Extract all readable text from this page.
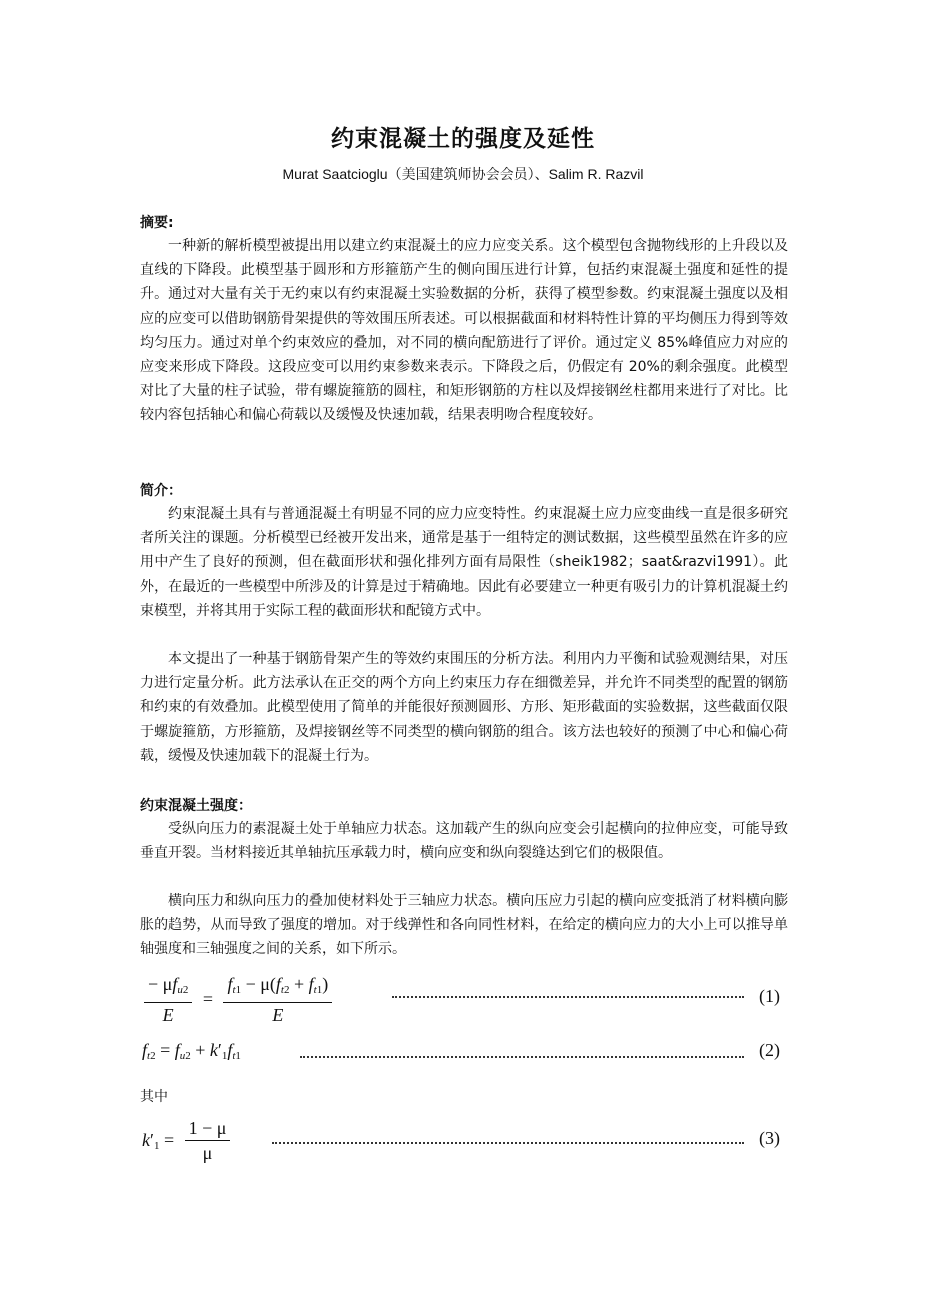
约束混凝土的强度及延性
Murat Saatcioglu（美国建筑师协会会员）、Salim R. Razvil
摘要:
一种新的解析模型被提出用以建立约束混凝土的应力应变关系。这个模型包含抛物线形的上升段以及直线的下降段。此模型基于圆形和方形箍筋产生的侧向围压进行计算，包括约束混凝土强度和延性的提升。通过对大量有关于无约束以有约束混凝土实验数据的分析，获得了模型参数。约束混凝土强度以及相应的应变可以借助钢筋骨架提供的等效围压所表述。可以根据截面和材料特性计算的平均侧压力得到等效均匀压力。通过对单个约束效应的叠加，对不同的横向配筋进行了评价。通过定义 85%峰值应力对应的应变来形成下降段。这段应变可以用约束参数来表示。下降段之后，仍假定有 20%的剩余强度。此模型对比了大量的柱子试验，带有螺旋箍筋的圆柱，和矩形钢筋的方柱以及焊接钢丝柱都用来进行了对比。比较内容包括轴心和偏心荷载以及缓慢及快速加载，结果表明吻合程度较好。
简介：
约束混凝土具有与普通混凝土有明显不同的应力应变特性。约束混凝土应力应变曲线一直是很多研究者所关注的课题。分析模型已经被开发出来，通常是基于一组特定的测试数据，这些模型虽然在许多的应用中产生了良好的预测，但在截面形状和强化排列方面有局限性（sheik1982；saat&razvi1991）。此外，在最近的一些模型中所涉及的计算是过于精确地。因此有必要建立一种更有吸引力的计算机混凝土约束模型，并将其用于实际工程的截面形状和配镜方式中。
本文提出了一种基于钢筋骨架产生的等效约束围压的分析方法。利用内力平衡和试验观测结果，对压力进行定量分析。此方法承认在正交的两个方向上约束压力存在细微差异，并允许不同类型的配置的钢筋和约束的有效叠加。此模型使用了简单的并能很好预测圆形、方形、矩形截面的实验数据，这些截面仅限于螺旋箍筋，方形箍筋，及焊接钢丝等不同类型的横向钢筋的组合。该方法也较好的预测了中心和偏心荷载，缓慢及快速加载下的混凝土行为。
约束混凝土强度：
受纵向压力的素混凝土处于单轴应力状态。这加载产生的纵向应变会引起横向的拉伸应变，可能导致垂直开裂。当材料接近其单轴抗压承载力时，横向应变和纵向裂缝达到它们的极限值。
横向压力和纵向压力的叠加使材料处于三轴应力状态。横向压应力引起的横向应变抵消了材料横向膨胀的趋势，从而导致了强度的增加。对于线弹性和各向同性材料，在给定的横向应力的大小上可以推导单轴强度和三轴强度之间的关系，如下所示。
$\frac{- \mu f_{u2}}{E} = \frac{f_{t1} - \mu(f_{t2} + f_{t1})}{E}$	(1)
$f_{t2} = f_{u2} + k'_1f_{t1}$	(2)
其中
$k'_1 = \frac{1 - \mu}{\mu}$	(3)
